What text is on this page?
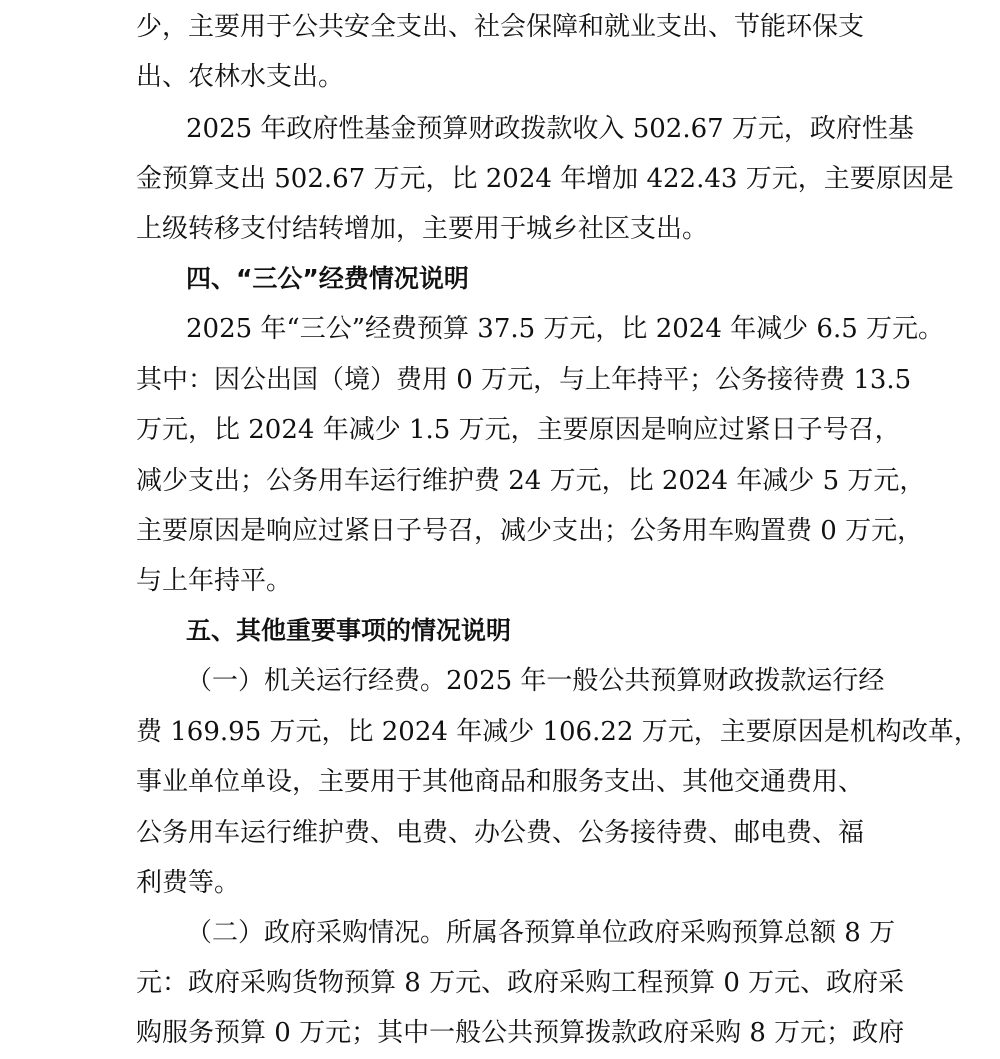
少，主要用于公共安全支出、社会保障和就业支出、节能环保支
出、农林水支出。
2025 年政府性基金预算财政拨款收入 502.67 万元，政府性基
金预算支出 502.67 万元，比 2024 年增加 422.43 万元，主要原因是
上级转移支付结转增加，主要用于城乡社区支出。
四、“三公”经费情况说明
2025 年“三公”经费预算 37.5 万元，比 2024 年减少 6.5 万元。
其中：因公出国（境）费用 0 万元，与上年持平；公务接待费 13.5
万元，比 2024 年减少 1.5 万元，主要原因是响应过紧日子号召，
减少支出；公务用车运行维护费 24 万元，比 2024 年减少 5 万元，
主要原因是响应过紧日子号召，减少支出；公务用车购置费 0 万元，
与上年持平。
五、其他重要事项的情况说明
（一）机关运行经费。2025 年一般公共预算财政拨款运行经
费 169.95 万元，比 2024 年减少 106.22 万元，主要原因是机构改革，
事业单位单设，主要用于其他商品和服务支出、其他交通费用、
公务用车运行维护费、电费、办公费、公务接待费、邮电费、福
利费等。
（二）政府采购情况。所属各预算单位政府采购预算总额 8 万
元：政府采购货物预算 8 万元、政府采购工程预算 0 万元、政府采
购服务预算 0 万元；其中一般公共预算拨款政府采购 8 万元；政府
